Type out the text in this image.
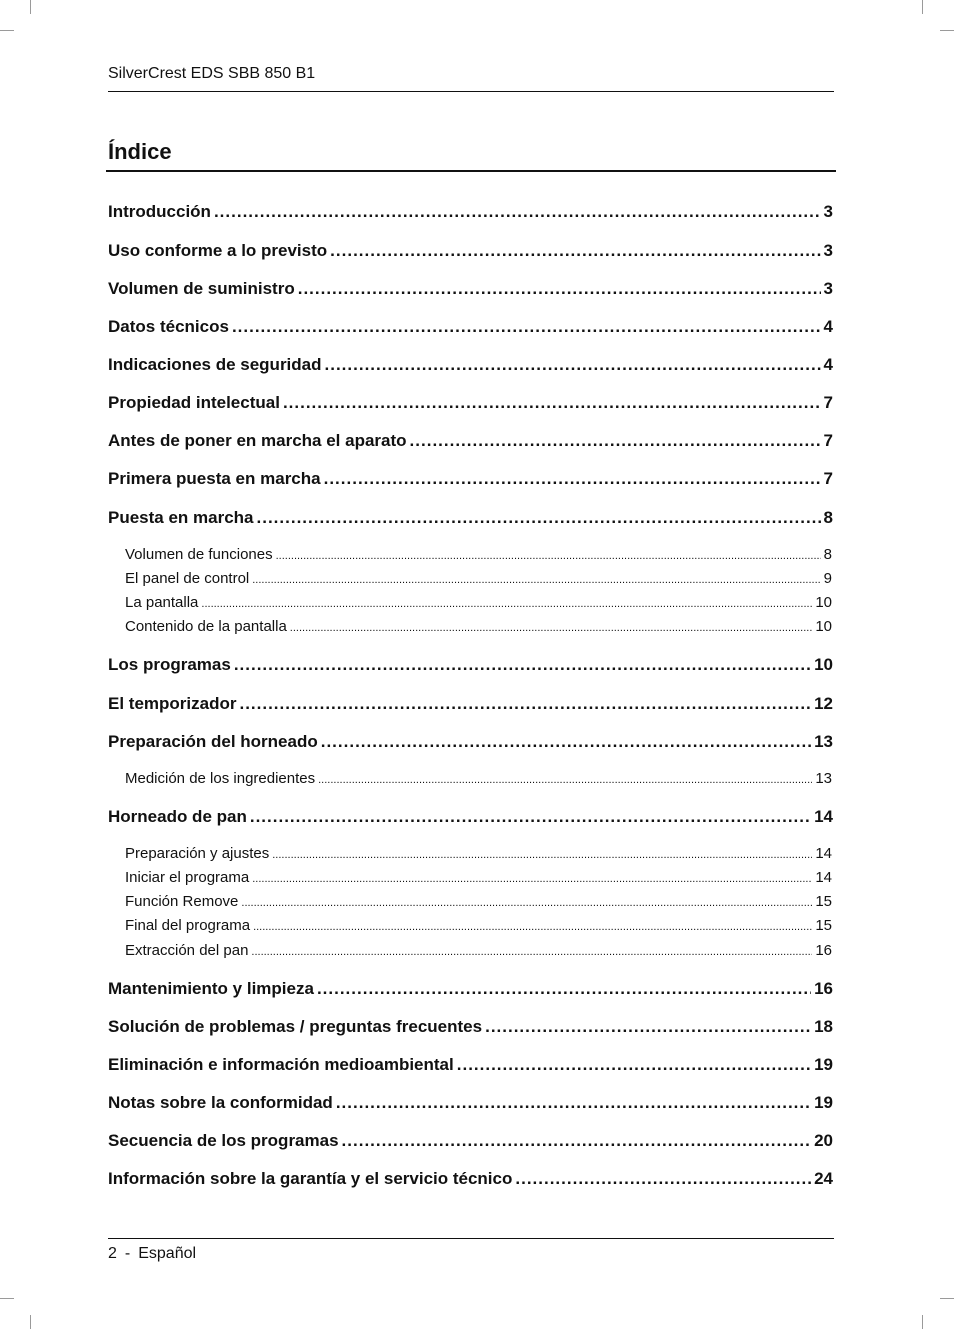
SilverCrest EDS SBB 850 B1
Índice
Introducción .....	3
Uso conforme a lo previsto .....	3
Volumen de suministro .....	3
Datos técnicos .....	4
Indicaciones de seguridad .....	4
Propiedad intelectual .....	7
Antes de poner en marcha el aparato .....	7
Primera puesta en marcha .....	7
Puesta en marcha .....	8
Volumen de funciones .....	8
El panel de control .....	9
La pantalla .....	10
Contenido de la pantalla .....	10
Los programas .....	10
El temporizador .....	12
Preparación del horneado .....	13
Medición de los ingredientes .....	13
Horneado de pan .....	14
Preparación y ajustes .....	14
Iniciar el programa .....	14
Función Remove .....	15
Final del programa .....	15
Extracción del pan .....	16
Mantenimiento y limpieza .....	16
Solución de problemas / preguntas frecuentes .....	18
Eliminación e información medioambiental .....	19
Notas sobre la conformidad .....	19
Secuencia de los programas .....	20
Información sobre la garantía y el servicio técnico .....	24
2 - Español
